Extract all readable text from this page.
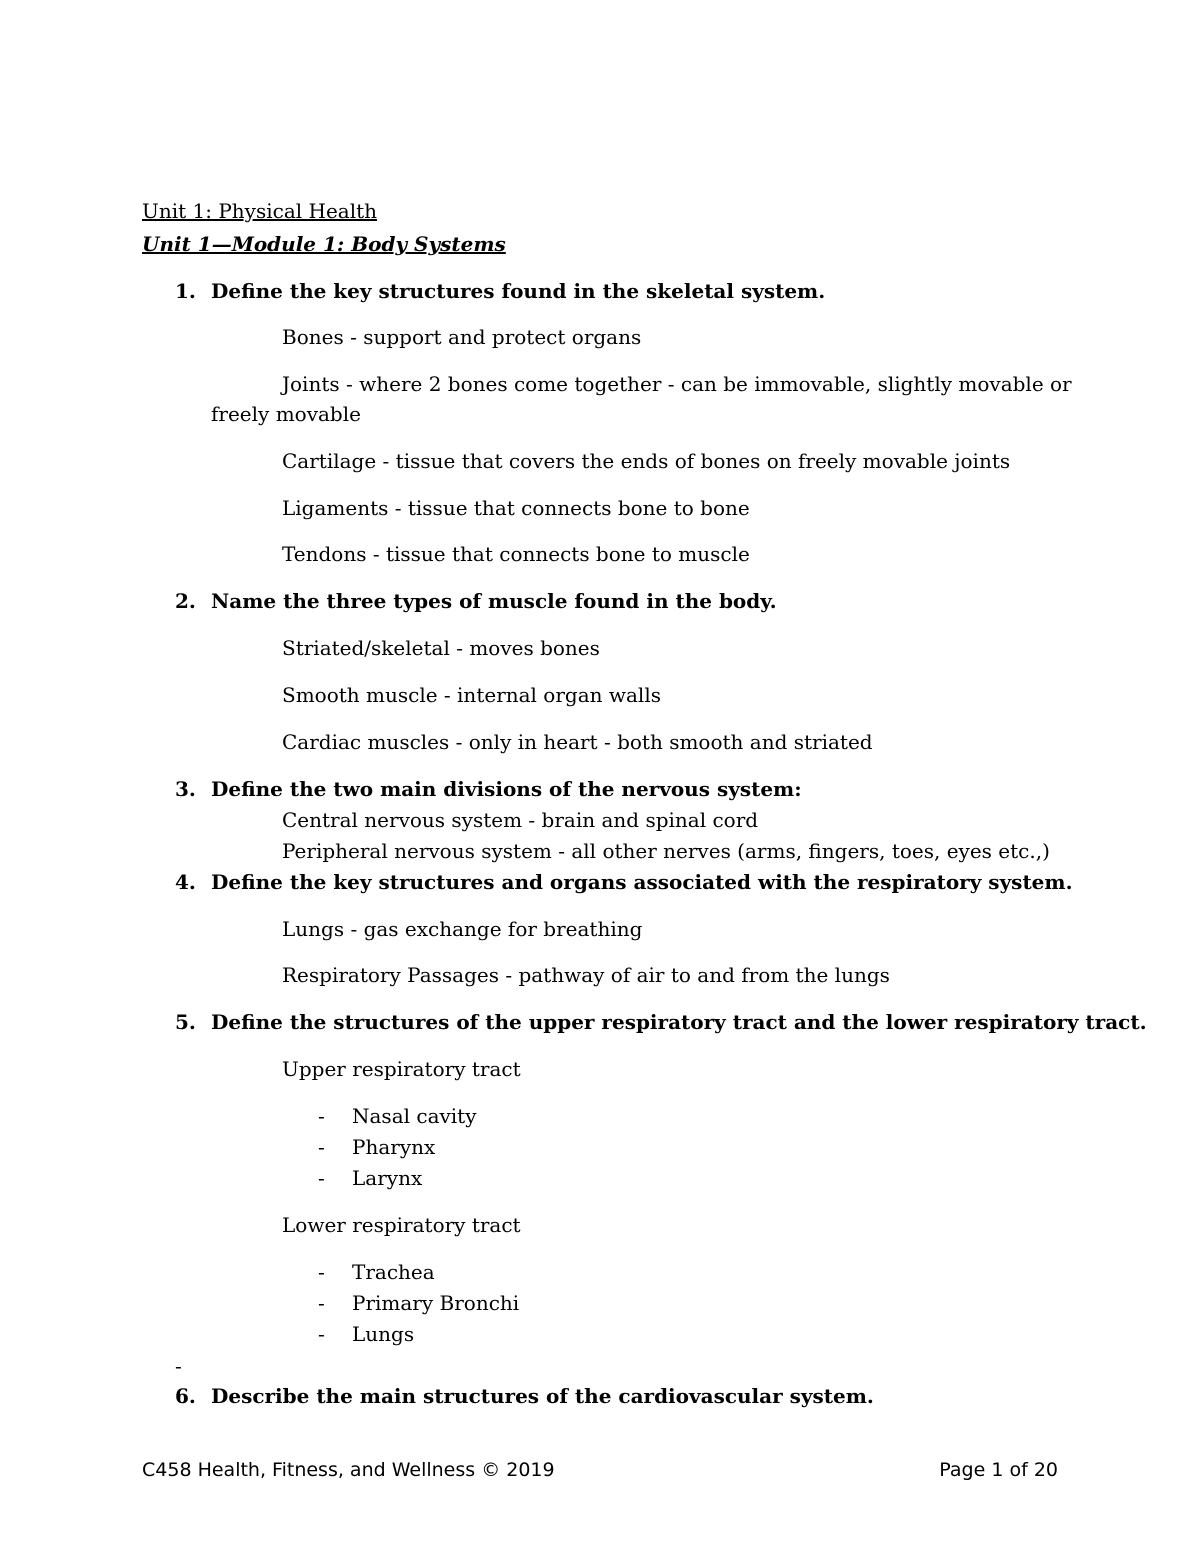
Unit 1: Physical Health
Unit 1—Module 1: Body Systems
1. Define the key structures found in the skeletal system.
Bones - support and protect organs
Joints - where 2 bones come together - can be immovable, slightly movable or
freely movable
Cartilage - tissue that covers the ends of bones on freely movable joints
Ligaments - tissue that connects bone to bone
Tendons - tissue that connects bone to muscle
2. Name the three types of muscle found in the body.
Striated/skeletal - moves bones
Smooth muscle - internal organ walls
Cardiac muscles - only in heart - both smooth and striated
3. Define the two main divisions of the nervous system:
Central nervous system - brain and spinal cord
Peripheral nervous system - all other nerves (arms, fingers, toes, eyes etc.,)
4. Define the key structures and organs associated with the respiratory system.
Lungs - gas exchange for breathing
Respiratory Passages - pathway of air to and from the lungs
5. Define the structures of the upper respiratory tract and the lower respiratory tract.
Upper respiratory tract
- Nasal cavity
- Pharynx
- Larynx
Lower respiratory tract
- Trachea
- Primary Bronchi
- Lungs
-
6. Describe the main structures of the cardiovascular system.
C458 Health, Fitness, and Wellness © 2019	Page 1 of 20
